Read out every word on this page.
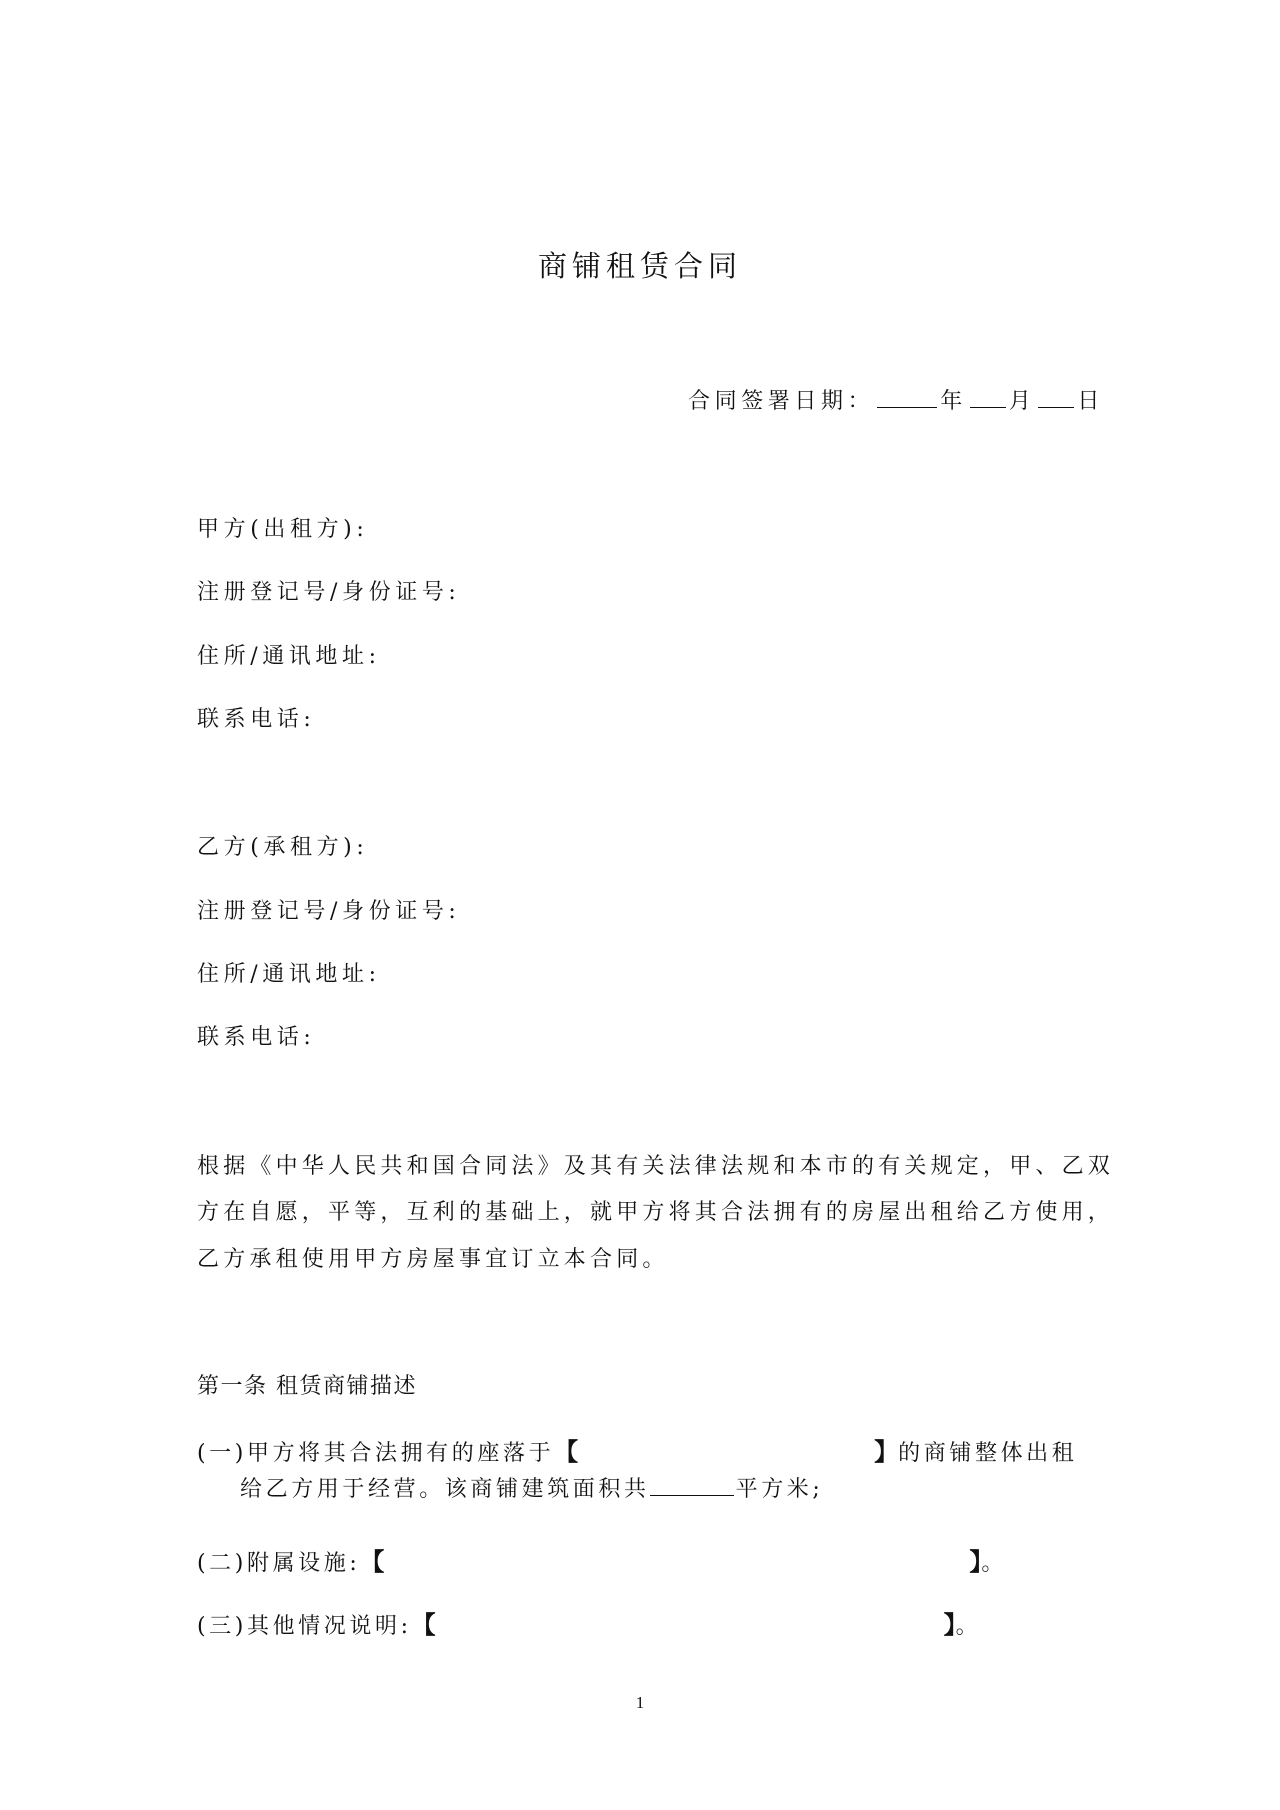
商铺租赁合同
合同签署日期：	年 月 日
甲方(出租方):
注册登记号/身份证号:
住所/通讯地址:
联系电话:
乙方(承租方):
注册登记号/身份证号:
住所/通讯地址:
联系电话:
根据《中华人民共和国合同法》及其有关法律法规和本市的有关规定，甲、乙双
方在自愿，平等，互利的基础上，就甲方将其合法拥有的房屋出租给乙方使用，
乙方承租使用甲方房屋事宜订立本合同。
第一条 租赁商铺描述
(一)甲方将其合法拥有的座落于【	】的商铺整体出租
给乙方用于经营。该商铺建筑面积共	平方米;
(二)附属设施:【	】。
(三)其他情况说明:【	】。
1
